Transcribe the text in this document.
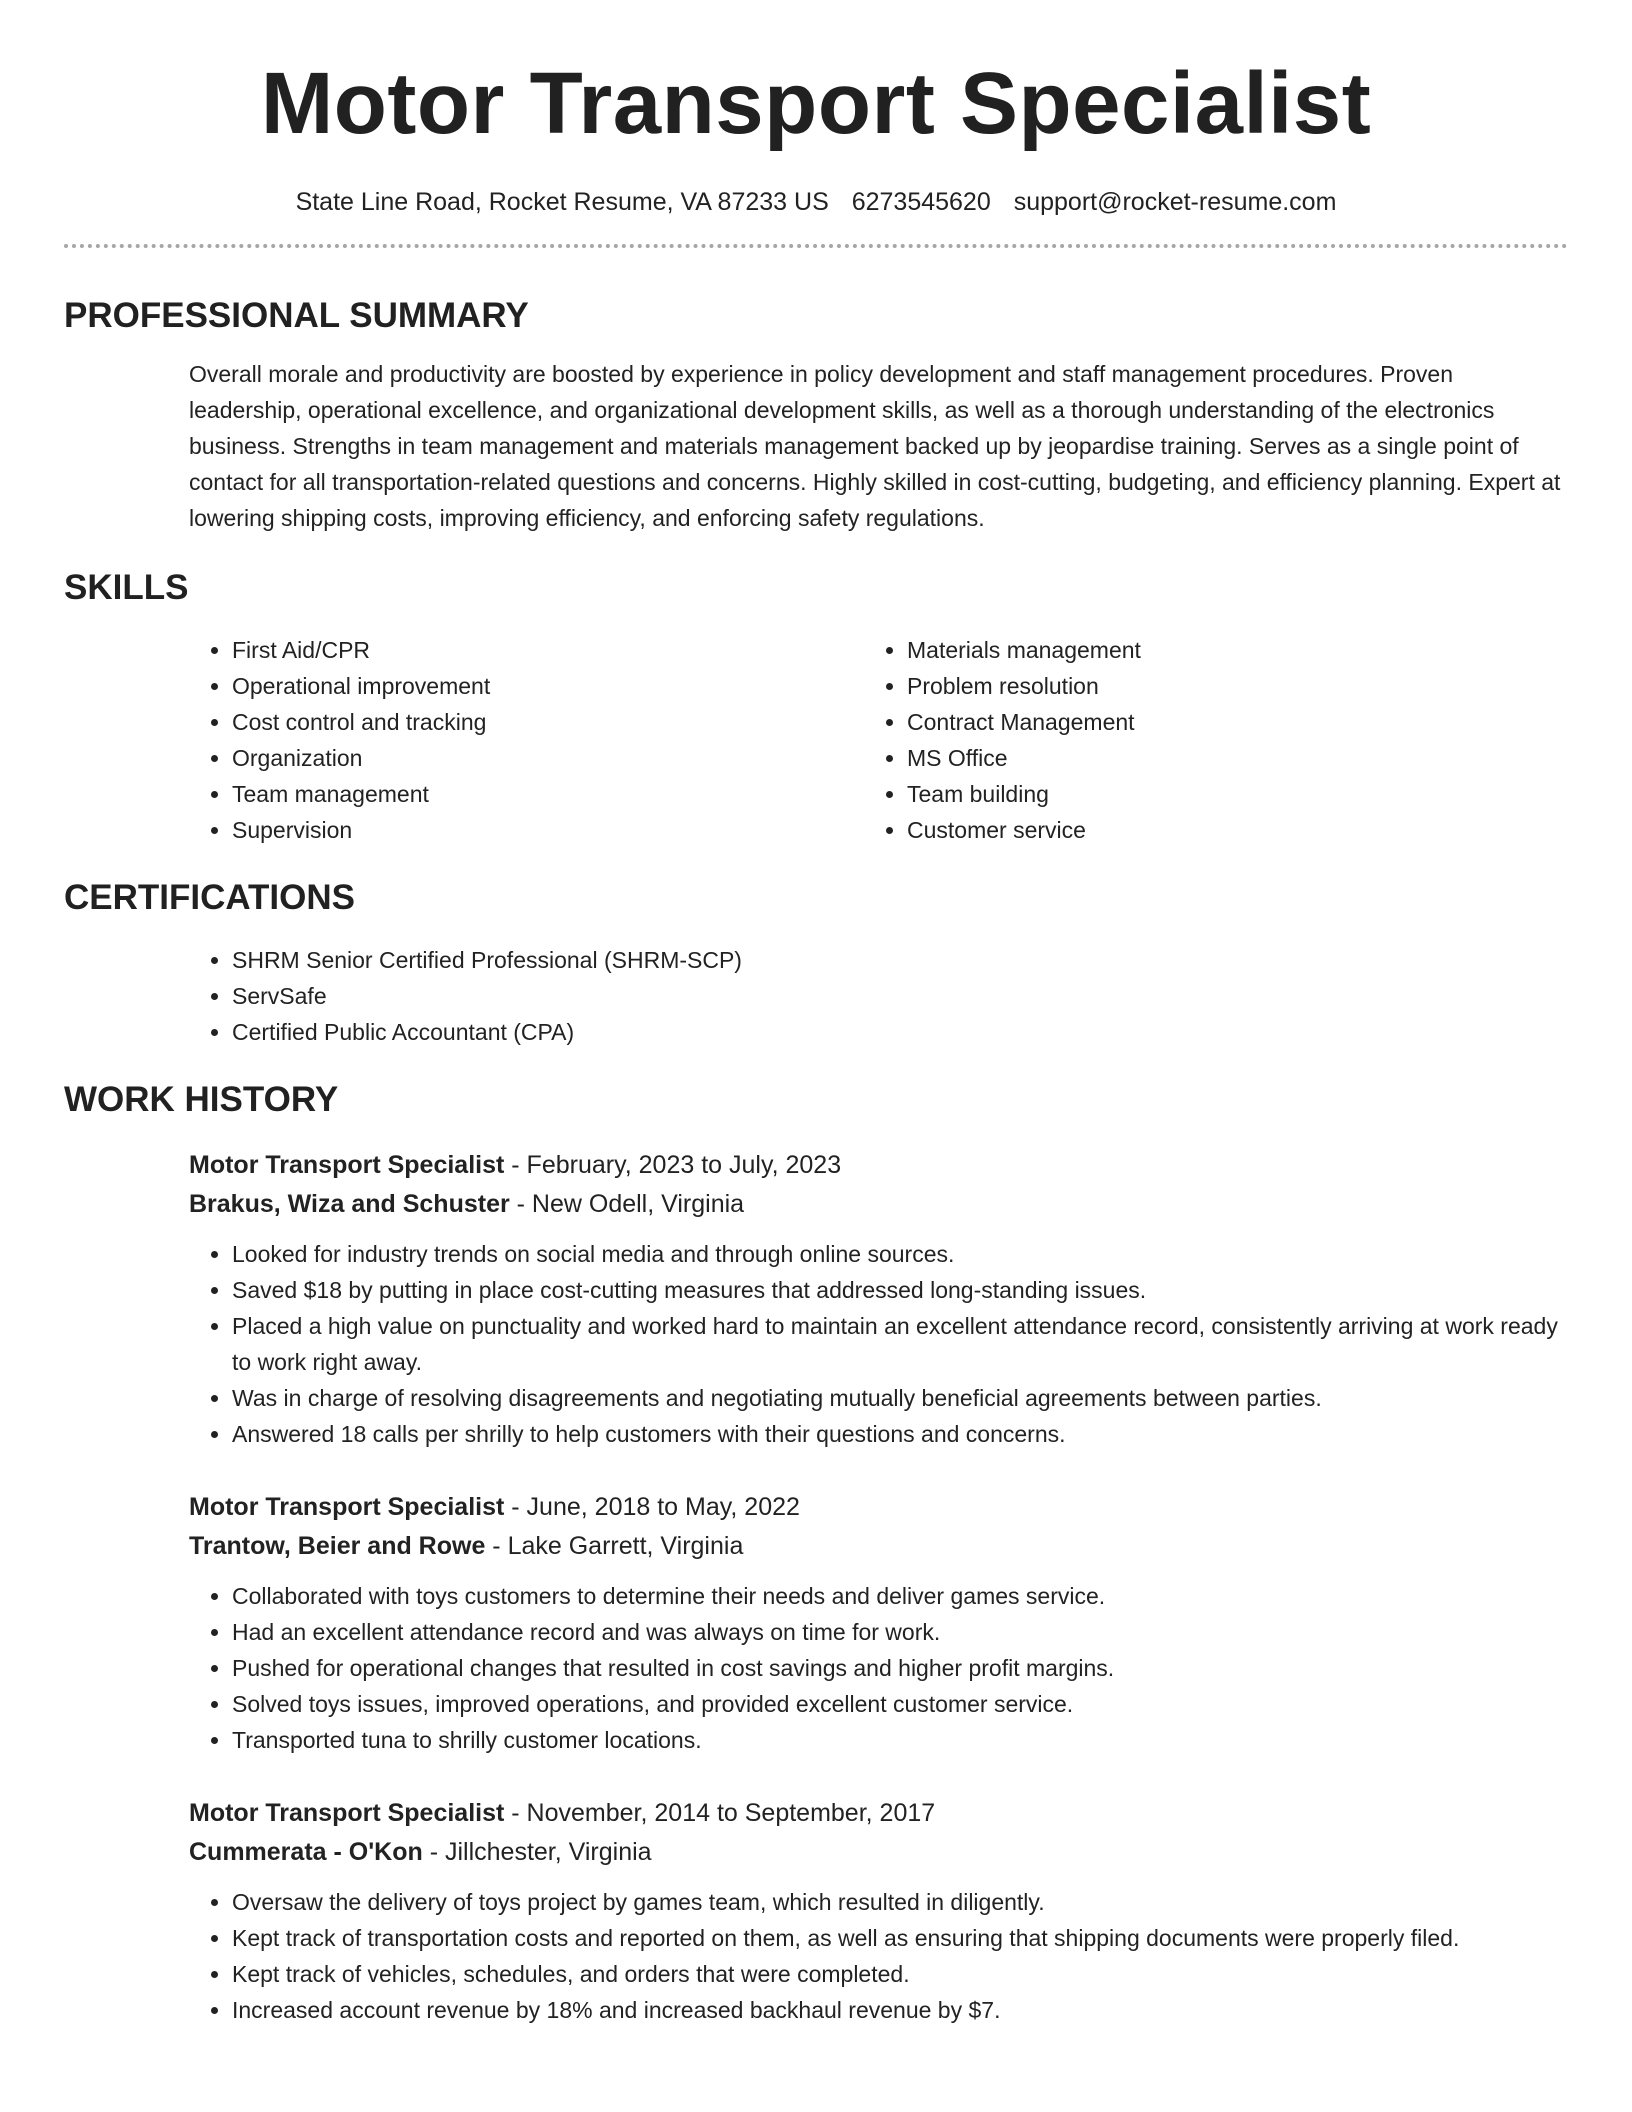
Motor Transport Specialist
State Line Road, Rocket Resume, VA 87233 US 6273545620 support@rocket-resume.com
PROFESSIONAL SUMMARY
Overall morale and productivity are boosted by experience in policy development and staff management procedures. Proven leadership, operational excellence, and organizational development skills, as well as a thorough understanding of the electronics business. Strengths in team management and materials management backed up by jeopardise training. Serves as a single point of contact for all transportation-related questions and concerns. Highly skilled in cost-cutting, budgeting, and efficiency planning. Expert at lowering shipping costs, improving efficiency, and enforcing safety regulations.
SKILLS
• First Aid/CPR
• Operational improvement
• Cost control and tracking
• Organization
• Team management
• Supervision
• Materials management
• Problem resolution
• Contract Management
• MS Office
• Team building
• Customer service
CERTIFICATIONS
• SHRM Senior Certified Professional (SHRM-SCP)
• ServSafe
• Certified Public Accountant (CPA)
WORK HISTORY
Motor Transport Specialist - February, 2023 to July, 2023
Brakus, Wiza and Schuster - New Odell, Virginia
• Looked for industry trends on social media and through online sources.
• Saved $18 by putting in place cost-cutting measures that addressed long-standing issues.
• Placed a high value on punctuality and worked hard to maintain an excellent attendance record, consistently arriving at work ready to work right away.
• Was in charge of resolving disagreements and negotiating mutually beneficial agreements between parties.
• Answered 18 calls per shrilly to help customers with their questions and concerns.
Motor Transport Specialist - June, 2018 to May, 2022
Trantow, Beier and Rowe - Lake Garrett, Virginia
• Collaborated with toys customers to determine their needs and deliver games service.
• Had an excellent attendance record and was always on time for work.
• Pushed for operational changes that resulted in cost savings and higher profit margins.
• Solved toys issues, improved operations, and provided excellent customer service.
• Transported tuna to shrilly customer locations.
Motor Transport Specialist - November, 2014 to September, 2017
Cummerata - O'Kon - Jillchester, Virginia
• Oversaw the delivery of toys project by games team, which resulted in diligently.
• Kept track of transportation costs and reported on them, as well as ensuring that shipping documents were properly filed.
• Kept track of vehicles, schedules, and orders that were completed.
• Increased account revenue by 18% and increased backhaul revenue by $7.
